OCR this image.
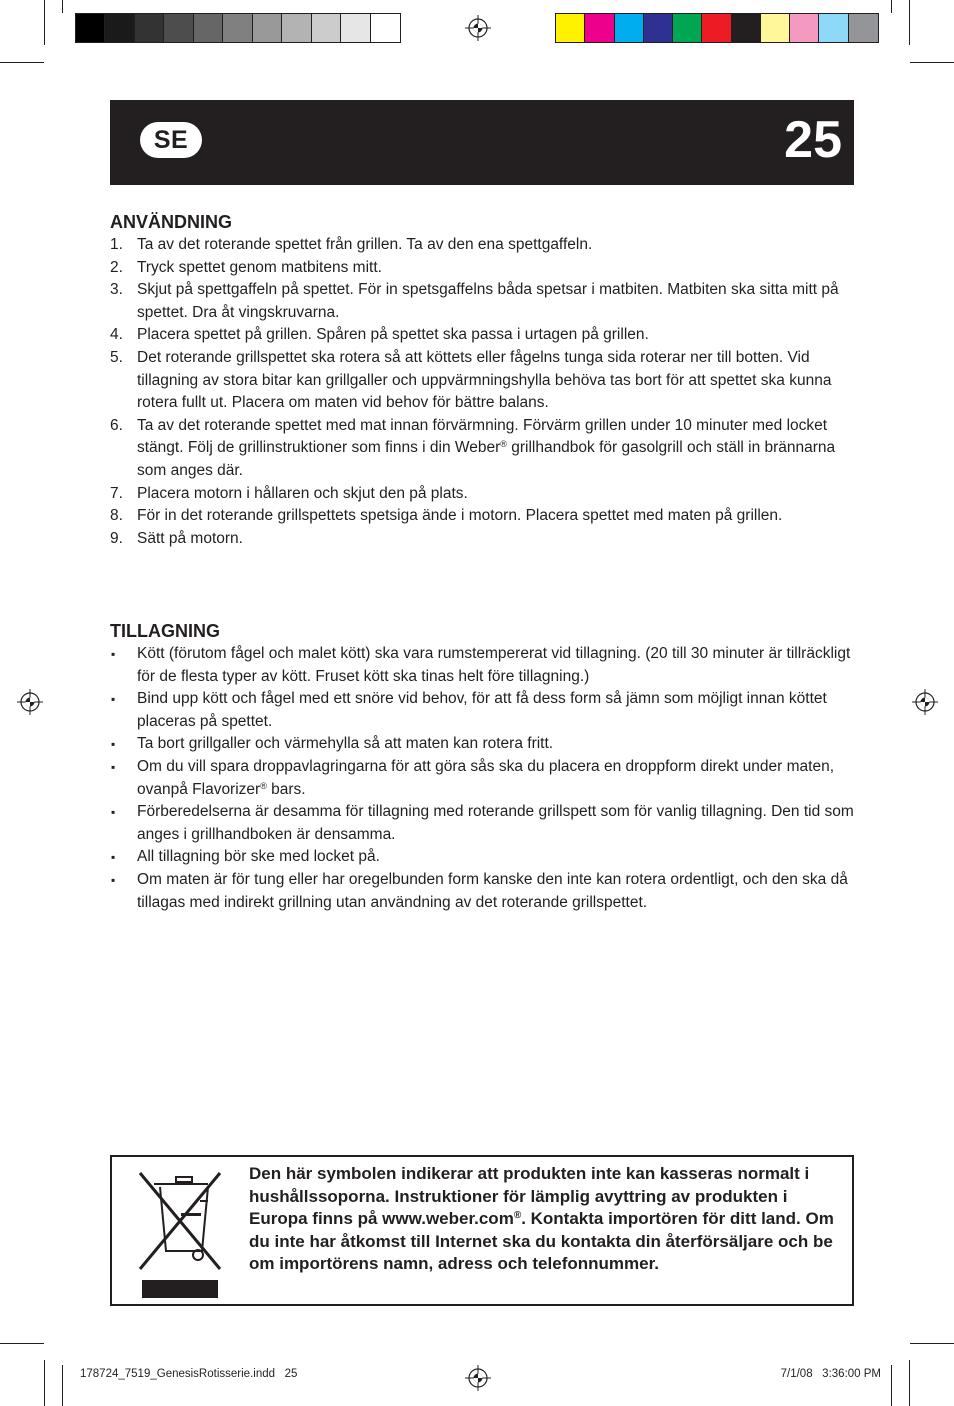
SE	25
ANVÄNDNING
1. Ta av det roterande spettet från grillen. Ta av den ena spettgaffeln.
2. Tryck spettet genom matbitens mitt.
3. Skjut på spettgaffeln på spettet. För in spetsgaffelns båda spetsar i matbiten. Matbiten ska sitta mitt på spettet. Dra åt vingskruvarna.
4. Placera spettet på grillen. Spåren på spettet ska passa i urtagen på grillen.
5. Det roterande grillspettet ska rotera så att köttets eller fågelns tunga sida roterar ner till botten. Vid tillagning av stora bitar kan grillgaller och uppvärmningshylla behöva tas bort för att spettet ska kunna rotera fullt ut. Placera om maten vid behov för bättre balans.
6. Ta av det roterande spettet med mat innan förvärmning. Förvärm grillen under 10 minuter med locket stängt. Följ de grillinstruktioner som finns i din Weber® grillhandbok för gasolgrill och ställ in brännarna som anges där.
7. Placera motorn i hållaren och skjut den på plats.
8. För in det roterande grillspettets spetsiga ände i motorn. Placera spettet med maten på grillen.
9. Sätt på motorn.
TILLAGNING
▪ Kött (förutom fågel och malet kött) ska vara rumstempererat vid tillagning. (20 till 30 minuter är tillräckligt för de flesta typer av kött. Fruset kött ska tinas helt före tillagning.)
▪ Bind upp kött och fågel med ett snöre vid behov, för att få dess form så jämn som möjligt innan köttet placeras på spettet.
▪ Ta bort grillgaller och värmehylla så att maten kan rotera fritt.
▪ Om du vill spara droppavlagringarna för att göra sås ska du placera en droppform direkt under maten, ovanpå Flavorizer® bars.
▪ Förberedelserna är desamma för tillagning med roterande grillspett som för vanlig tillagning. Den tid som anges i grillhandboken är densamma.
▪ All tillagning bör ske med locket på.
▪ Om maten är för tung eller har oregelbunden form kanske den inte kan rotera ordentligt, och den ska då tillagas med indirekt grillning utan användning av det roterande grillspettet.
Den här symbolen indikerar att produkten inte kan kasseras normalt i hushållssoporna. Instruktioner för lämplig avyttring av produkten i Europa finns på www.weber.com®. Kontakta importören för ditt land. Om du inte har åtkomst till Internet ska du kontakta din återförsäljare och be om importörens namn, adress och telefonnummer.
178724_7519_GenesisRotisserie.indd   25	7/1/08   3:36:00 PM
